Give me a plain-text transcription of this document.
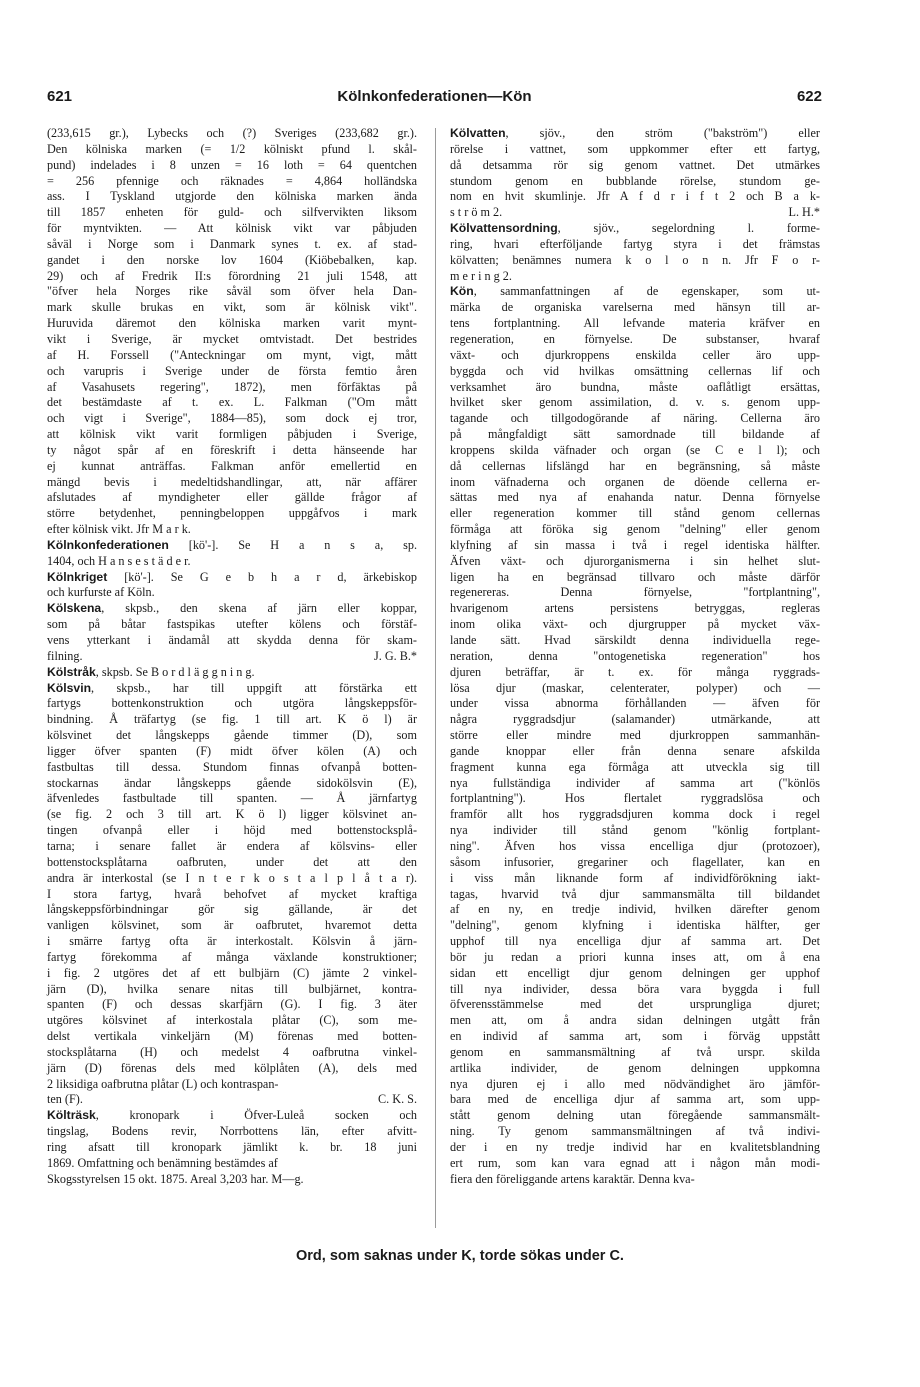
621	Kölnkonfederationen—Kön	622
(233,615 gr.), Lybecks och (?) Sveriges (233,682 gr.).
Den kölniska marken (= 1/2 kölniskt pfund l. skål-
pund) indelades i 8 unzen = 16 loth = 64 quentchen
= 256 pfennige och räknades = 4,864 holländska
ass. I Tyskland utgjorde den kölniska marken ända
till 1857 enheten för guld- och silfvervikten liksom
för myntvikten. — Att kölnisk vikt var påbjuden
såväl i Norge som i Danmark synes t. ex. af stad-
gandet i den norske lov 1604 (Kiöbebalken, kap.
29) och af Fredrik II:s förordning 21 juli 1548, att
"öfver hela Norges rike såväl som öfver hela Dan-
mark skulle brukas en vikt, som är kölnisk vikt".
Huruvida däremot den kölniska marken varit mynt-
vikt i Sverige, är mycket omtvistadt. Det bestrides
af H. Forssell ("Anteckningar om mynt, vigt, mått
och varupris i Sverige under de första femtio åren
af Vasahusets regering", 1872), men förfäktas på
det bestämdaste af t. ex. L. Falkman ("Om mått
och vigt i Sverige", 1884—85), som dock ej tror,
att kölnisk vikt varit formligen påbjuden i Sverige,
ty något spår af en föreskrift i detta hänseende har
ej kunnat anträffas. Falkman anför emellertid en
mängd bevis i medeltidshandlingar, att, när affärer
afslutades af myndigheter eller gällde frågor af
större betydenhet, penningbeloppen uppgåfvos i mark
efter kölnisk vikt. Jfr M a r k.
Kölnkonfederationen [kö'-]. Se H a n s a, sp.
1404, och H a n s e s t ä d e r.
Kölnkriget [kö'-]. Se G e b h a r d, ärkebiskop
och kurfurste af Köln.
Kölskena, skpsb., den skena af järn eller koppar,
som på båtar fastspikas utefter kölens och förstäf-
vens ytterkant i ändamål att skydda denna för skam-
filning.	J. G. B.*
Kölstråk, skpsb. Se B o r d l ä g g n i n g.
Kölsvin, skpsb., har till uppgift att förstärka ett
fartygs bottenkonstruktion och utgöra långskeppsför-
bindning. Å träfartyg (se fig. 1 till art. K ö l) är
kölsvinet det långskepps gående timmer (D), som
ligger öfver spanten (F) midt öfver kölen (A) och
fastbultas till dessa. Stundom finnas ofvanpå botten-
stockarnas ändar långskepps gående sidokölsvin (E),
äfvenledes fastbultade till spanten. — Å järnfartyg
(se fig. 2 och 3 till art. K ö l) ligger kölsvinet an-
tingen ofvanpå eller i höjd med bottenstocksplå-
tarna; i senare fallet är endera af kölsvins- eller
bottenstocksplåtarna oafbruten, under det att den
andra är interkostal (se I n t e r k o s t a l p l å t a r).
I stora fartyg, hvarå behofvet af mycket kraftiga
långskeppsförbindningar gör sig gällande, är det
vanligen kölsvinet, som är oafbrutet, hvaremot detta
i smärre fartyg ofta är interkostalt. Kölsvin å järn-
fartyg förekomma af många växlande konstruktioner;
i fig. 2 utgöres det af ett bulbjärn (C) jämte 2 vinkel-
järn (D), hvilka senare nitas till bulbjärnet, kontra-
spanten (F) och dessas skarfjärn (G). I fig. 3 äter
utgöres kölsvinet af interkostala plåtar (C), som me-
delst vertikala vinkeljärn (M) förenas med botten-
stocksplåtarna (H) och medelst 4 oafbrutna vinkel-
järn (D) förenas dels med kölplåten (A), dels med
2 liksidiga oafbrutna plåtar (L) och kontraspan-
ten (F).	C. K. S.
Költräsk, kronopark i Öfver-Luleå socken och
tingslag, Bodens revir, Norrbottens län, efter afvitt-
ring afsatt till kronopark jämlikt k. br. 18 juni
1869. Omfattning och benämning bestämdes af
Skogsstyrelsen 15 okt. 1875. Areal 3,203 har. M—g.
Kölvatten, sjöv., den ström ("bakström") eller
rörelse i vattnet, som uppkommer efter ett fartyg,
då detsamma rör sig genom vattnet. Det utmärkes
stundom genom en bubblande rörelse, stundom ge-
nom en hvit skumlinje. Jfr A f d r i f t 2 och B a k-
s t r ö m 2.	L. H.*
Kölvattensordning, sjöv., segelordning l. forme-
ring, hvari efterföljande fartyg styra i det främstas
kölvatten; benämnes numera k o l o n n. Jfr F o r-
m e r i n g 2.
Kön, sammanfattningen af de egenskaper, som ut-
märka de organiska varelserna med hänsyn till ar-
tens fortplantning. All lefvande materia kräfver en
regeneration, en förnyelse. De substanser, hvaraf
växt- och djurkroppens enskilda celler äro upp-
byggda och vid hvilkas omsättning cellernas lif och
verksamhet äro bundna, måste oaflåtligt ersättas,
hvilket sker genom assimilation, d. v. s. genom upp-
tagande och tillgodogörande af näring. Cellerna äro
på mångfaldigt sätt samordnade till bildande af
kroppens skilda väfnader och organ (se C e l l); och
då cellernas lifslängd har en begränsning, så måste
inom väfnaderna och organen de döende cellerna er-
sättas med nya af enahanda natur. Denna förnyelse
eller regeneration kommer till stånd genom cellernas
förmåga att föröka sig genom "delning" eller genom
klyfning af sin massa i två i regel identiska hälfter.
Äfven växt- och djurorganismerna i sin helhet slut-
ligen ha en begränsad tillvaro och måste därför
regenereras. Denna förnyelse, "fortplantning",
hvarigenom artens persistens betryggas, regleras
inom olika växt- och djurgrupper på mycket väx-
lande sätt. Hvad särskildt denna individuella rege-
neration, denna "ontogenetiska regeneration" hos
djuren beträffar, är t. ex. för många ryggrads-
lösa djur (maskar, celenterater, polyper) och —
under vissa abnorma förhållanden — äfven för
några ryggradsdjur (salamander) utmärkande, att
större eller mindre med djurkroppen sammanhän-
gande knoppar eller från denna senare afskilda
fragment kunna ega förmåga att utveckla sig till
nya fullständiga individer af samma art ("könlös
fortplantning"). Hos flertalet ryggradslösa och
framför allt hos ryggradsdjuren komma dock i regel
nya individer till stånd genom "könlig fortplant-
ning". Äfven hos vissa encelliga djur (protozoer),
såsom infusorier, gregariner och flagellater, kan en
i viss mån liknande form af individförökning iakt-
tagas, hvarvid två djur sammansmälta till bildandet
af en ny, en tredje individ, hvilken därefter genom
"delning", genom klyfning i identiska hälfter, ger
upphof till nya encelliga djur af samma art. Det
bör ju redan a priori kunna inses att, om å ena
sidan ett encelligt djur genom delningen ger upphof
till nya individer, dessa böra vara byggda i full
öfverensstämmelse med det ursprungliga djuret;
men att, om å andra sidan delningen utgått från
en individ af samma art, som i förväg uppstått
genom en sammansmältning af två urspr. skilda
artlika individer, de genom delningen uppkomna
nya djuren ej i allo med nödvändighet äro jämför-
bara med de encelliga djur af samma art, som upp-
stått genom delning utan föregående sammansmält-
ning. Ty genom sammansmältningen af två indivi-
der i en ny tredje individ har en kvalitetsblandning
ert rum, som kan vara egnad att i någon mån modi-
fiera den föreliggande artens karaktär. Denna kva-
Ord, som saknas under K, torde sökas under C.
